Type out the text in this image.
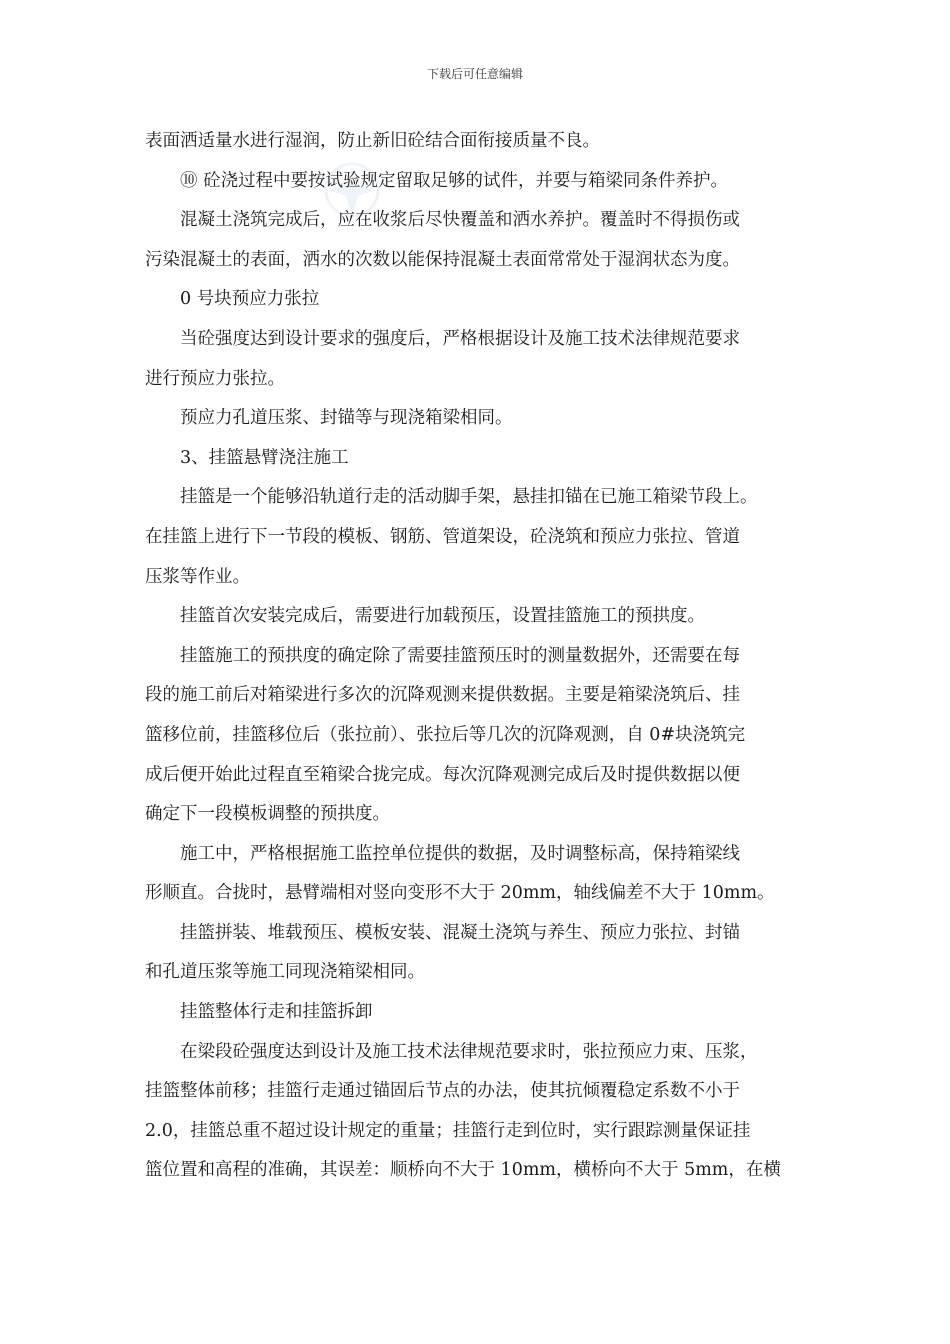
下载后可任意编辑
表面洒适量水进行湿润，防止新旧砼结合面衔接质量不良。
⑩ 砼浇过程中要按试验规定留取足够的试件，并要与箱梁同条件养护。
混凝土浇筑完成后，应在收浆后尽快覆盖和洒水养护。覆盖时不得损伤或
污染混凝土的表面，洒水的次数以能保持混凝土表面常常处于湿润状态为度。
0 号块预应力张拉
当砼强度达到设计要求的强度后，严格根据设计及施工技术法律规范要求
进行预应力张拉。
预应力孔道压浆、封锚等与现浇箱梁相同。
3、挂篮悬臂浇注施工
挂篮是一个能够沿轨道行走的活动脚手架，悬挂扣锚在已施工箱梁节段上。
在挂篮上进行下一节段的模板、钢筋、管道架设，砼浇筑和预应力张拉、管道
压浆等作业。
挂篮首次安装完成后，需要进行加载预压，设置挂篮施工的预拱度。
挂篮施工的预拱度的确定除了需要挂篮预压时的测量数据外，还需要在每
段的施工前后对箱梁进行多次的沉降观测来提供数据。主要是箱梁浇筑后、挂
篮移位前，挂篮移位后（张拉前）、张拉后等几次的沉降观测，自 0#块浇筑完
成后便开始此过程直至箱梁合拢完成。每次沉降观测完成后及时提供数据以便
确定下一段模板调整的预拱度。
施工中，严格根据施工监控单位提供的数据，及时调整标高，保持箱梁线
形顺直。合拢时，悬臂端相对竖向变形不大于 20mm，轴线偏差不大于 10mm。
挂篮拼装、堆载预压、模板安装、混凝土浇筑与养生、预应力张拉、封锚
和孔道压浆等施工同现浇箱梁相同。
挂篮整体行走和挂篮拆卸
在梁段砼强度达到设计及施工技术法律规范要求时，张拉预应力束、压浆，
挂篮整体前移；挂篮行走通过锚固后节点的办法，使其抗倾覆稳定系数不小于
2.0，挂篮总重不超过设计规定的重量；挂篮行走到位时，实行跟踪测量保证挂
篮位置和高程的准确，其误差：顺桥向不大于 10mm，横桥向不大于 5mm，在横
